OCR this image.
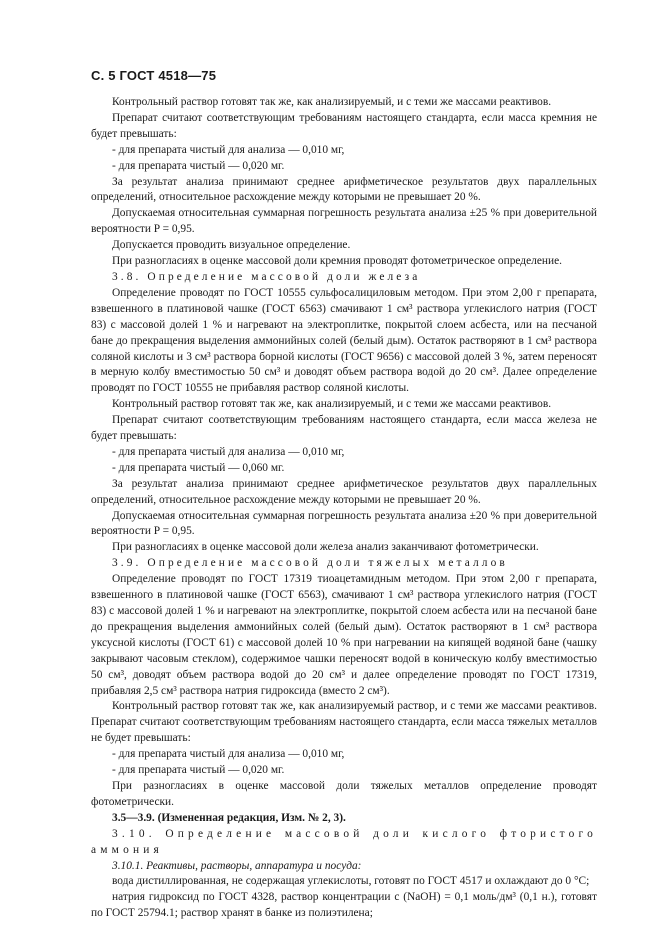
С. 5 ГОСТ 4518—75

Контрольный раствор готовят так же, как анализируемый, и с теми же массами реактивов.

Препарат считают соответствующим требованиям настоящего стандарта, если масса кремния не будет превышать:

- для препарата чистый для анализа — 0,010 мг,

- для препарата чистый — 0,020 мг.

За результат анализа принимают среднее арифметическое результатов двух параллельных определений, относительное расхождение между которыми не превышает 20 %.

Допускаемая относительная суммарная погрешность результата анализа ±25 % при доверительной вероятности P = 0,95.

Допускается проводить визуальное определение.

При разногласиях в оценке массовой доли кремния проводят фотометрическое определение.

3.8. Определение массовой доли железа

Определение проводят по ГОСТ 10555 сульфосалициловым методом. При этом 2,00 г препарата, взвешенного в платиновой чашке (ГОСТ 6563) смачивают 1 см³ раствора углекислого натрия (ГОСТ 83) с массовой долей 1 % и нагревают на электроплитке, покрытой слоем асбеста, или на песчаной бане до прекращения выделения аммонийных солей (белый дым). Остаток растворяют в 1 см³ раствора соляной кислоты и 3 см³ раствора борной кислоты (ГОСТ 9656) с массовой долей 3 %, затем переносят в мерную колбу вместимостью 50 см³ и доводят объем раствора водой до 20 см³. Далее определение проводят по ГОСТ 10555 не прибавляя раствор соляной кислоты.

Контрольный раствор готовят так же, как анализируемый, и с теми же массами реактивов.

Препарат считают соответствующим требованиям настоящего стандарта, если масса железа не будет превышать:

- для препарата чистый для анализа — 0,010 мг,

- для препарата чистый — 0,060 мг.

За результат анализа принимают среднее арифметическое результатов двух параллельных определений, относительное расхождение между которыми не превышает 20 %.

Допускаемая относительная суммарная погрешность результата анализа ±20 % при доверительной вероятности P = 0,95.

При разногласиях в оценке массовой доли железа анализ заканчивают фотометрически.

3.9. Определение массовой доли тяжелых металлов

Определение проводят по ГОСТ 17319 тиоацетамидным методом. При этом 2,00 г препарата, взвешенного в платиновой чашке (ГОСТ 6563), смачивают 1 см³ раствора углекислого натрия (ГОСТ 83) с массовой долей 1 % и нагревают на электроплитке, покрытой слоем асбеста или на песчаной бане до прекращения выделения аммонийных солей (белый дым). Остаток растворяют в 1 см³ раствора уксусной кислоты (ГОСТ 61) с массовой долей 10 % при нагревании на кипящей водяной бане (чашку закрывают часовым стеклом), содержимое чашки переносят водой в коническую колбу вместимостью 50 см³, доводят объем раствора водой до 20 см³ и далее определение проводят по ГОСТ 17319, прибавляя 2,5 см³ раствора натрия гидроксида (вместо 2 см³).

Контрольный раствор готовят так же, как анализируемый раствор, и с теми же массами реактивов. Препарат считают соответствующим требованиям настоящего стандарта, если масса тяжелых металлов не будет превышать:

- для препарата чистый для анализа — 0,010 мг,

- для препарата чистый — 0,020 мг.

При разногласиях в оценке массовой доли тяжелых металлов определение проводят фотометрически.

3.5—3.9. (Измененная редакция, Изм. № 2, 3).

3.10. Определение массовой доли кислого фтористого аммония

3.10.1. Реактивы, растворы, аппаратура и посуда:

вода дистиллированная, не содержащая углекислоты, готовят по ГОСТ 4517 и охлаждают до 0 °С;

натрия гидроксид по ГОСТ 4328, раствор концентрации c (NaOH) = 0,1 моль/дм³ (0,1 н.), готовят по ГОСТ 25794.1; раствор хранят в банке из полиэтилена;
